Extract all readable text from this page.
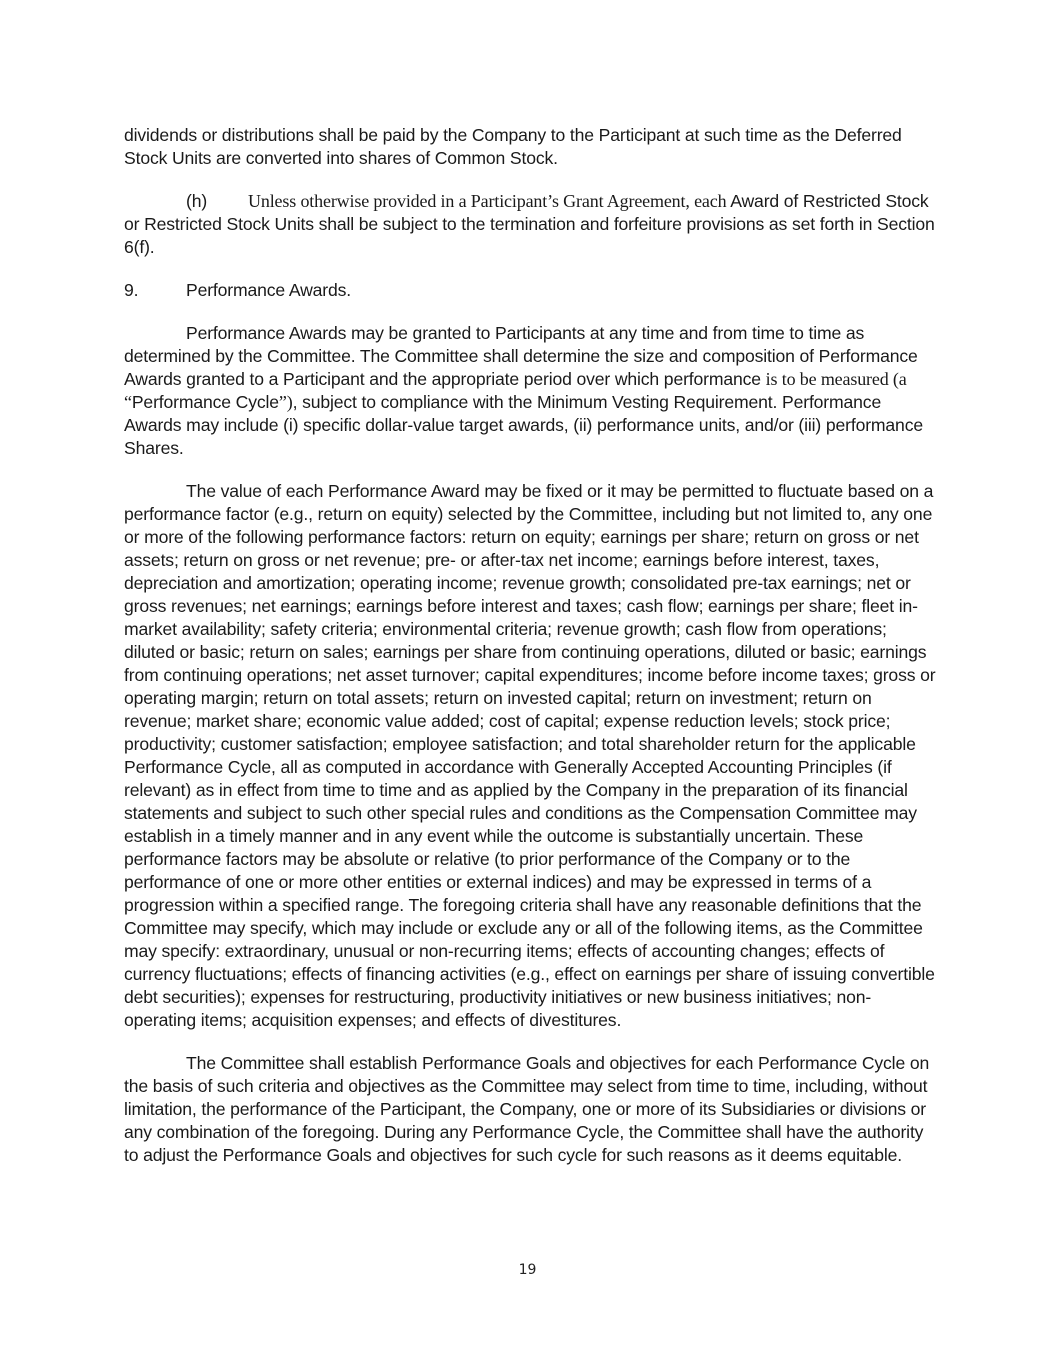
dividends or distributions shall be paid by the Company to the Participant at such time as the Deferred Stock Units are converted into shares of Common Stock.

(h) Unless otherwise provided in a Participant’s Grant Agreement, each Award of Restricted Stock or Restricted Stock Units shall be subject to the termination and forfeiture provisions as set forth in Section 6(f).

9.	Performance Awards.

Performance Awards may be granted to Participants at any time and from time to time as determined by the Committee. The Committee shall determine the size and composition of Performance Awards granted to a Participant and the appropriate period over which performance is to be measured (a “Performance Cycle”), subject to compliance with the Minimum Vesting Requirement. Performance Awards may include (i) specific dollar-value target awards, (ii) performance units, and/or (iii) performance Shares.

The value of each Performance Award may be fixed or it may be permitted to fluctuate based on a performance factor (e.g., return on equity) selected by the Committee, including but not limited to, any one or more of the following performance factors: return on equity; earnings per share; return on gross or net assets; return on gross or net revenue; pre- or after-tax net income; earnings before interest, taxes, depreciation and amortization; operating income; revenue growth; consolidated pre-tax earnings; net or gross revenues; net earnings; earnings before interest and taxes; cash flow; earnings per share; fleet in-market availability; safety criteria; environmental criteria; revenue growth; cash flow from operations; diluted or basic; return on sales; earnings per share from continuing operations, diluted or basic; earnings from continuing operations; net asset turnover; capital expenditures; income before income taxes; gross or operating margin; return on total assets; return on invested capital; return on investment; return on revenue; market share; economic value added; cost of capital; expense reduction levels; stock price; productivity; customer satisfaction; employee satisfaction; and total shareholder return for the applicable Performance Cycle, all as computed in accordance with Generally Accepted Accounting Principles (if relevant) as in effect from time to time and as applied by the Company in the preparation of its financial statements and subject to such other special rules and conditions as the Compensation Committee may establish in a timely manner and in any event while the outcome is substantially uncertain. These performance factors may be absolute or relative (to prior performance of the Company or to the performance of one or more other entities or external indices) and may be expressed in terms of a progression within a specified range. The foregoing criteria shall have any reasonable definitions that the Committee may specify, which may include or exclude any or all of the following items, as the Committee may specify: extraordinary, unusual or non-recurring items; effects of accounting changes; effects of currency fluctuations; effects of financing activities (e.g., effect on earnings per share of issuing convertible debt securities); expenses for restructuring, productivity initiatives or new business initiatives; non-operating items; acquisition expenses; and effects of divestitures.

The Committee shall establish Performance Goals and objectives for each Performance Cycle on the basis of such criteria and objectives as the Committee may select from time to time, including, without limitation, the performance of the Participant, the Company, one or more of its Subsidiaries or divisions or any combination of the foregoing. During any Performance Cycle, the Committee shall have the authority to adjust the Performance Goals and objectives for such cycle for such reasons as it deems equitable.

19
